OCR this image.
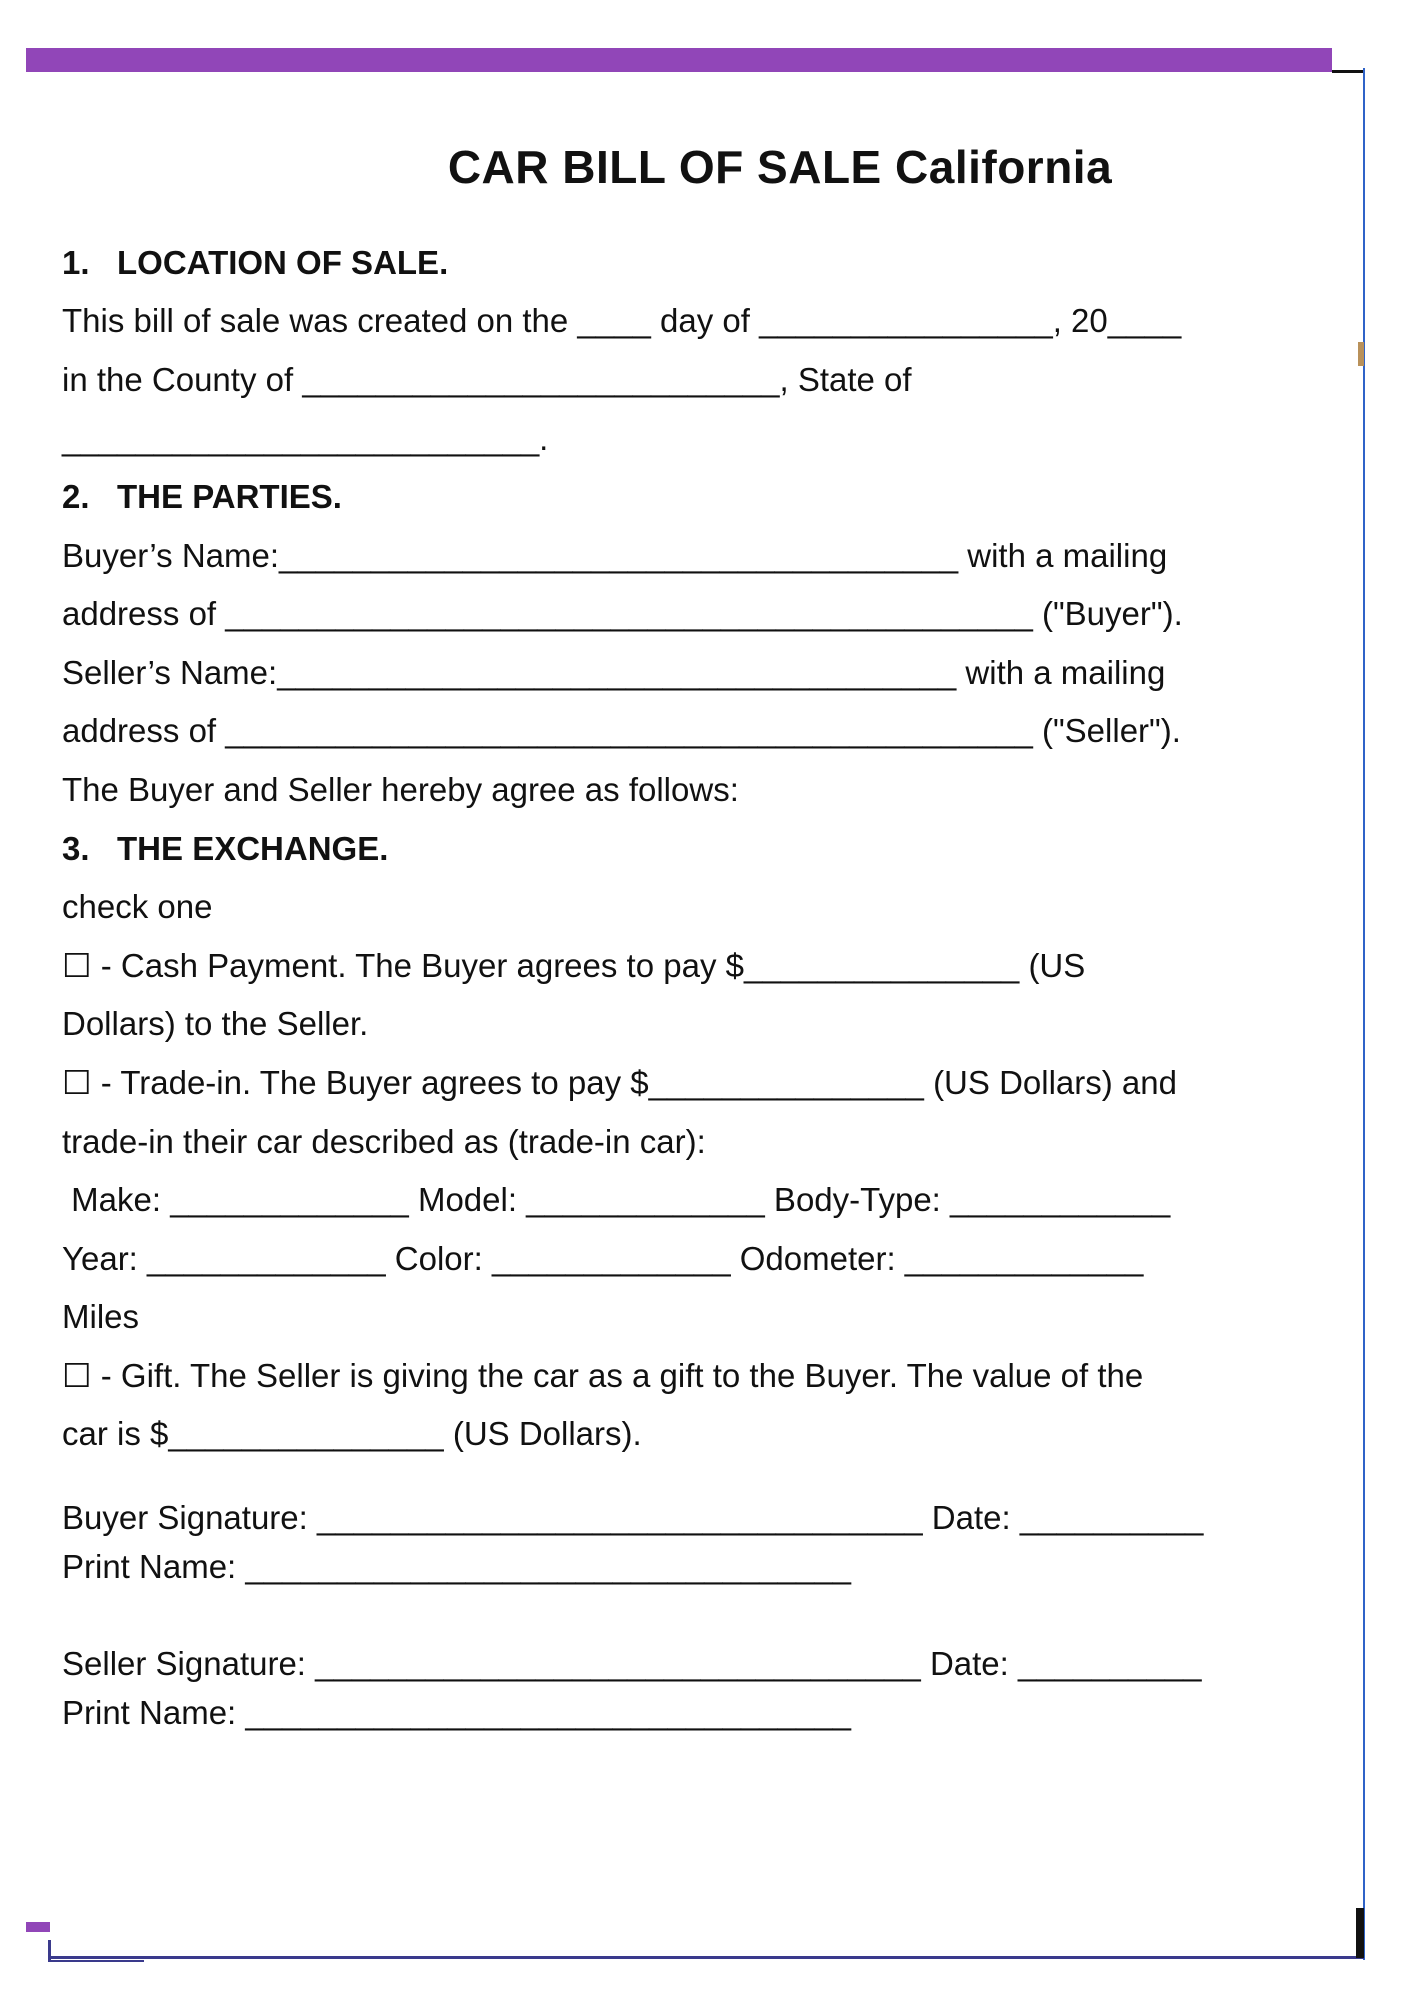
CAR BILL OF SALE California
1.   LOCATION OF SALE.
This bill of sale was created on the ____ day of ________________, 20____
in the County of __________________________, State of
__________________________.
2.   THE PARTIES.
Buyer’s Name:_____________________________________ with a mailing
address of ____________________________________________ ("Buyer").
Seller’s Name:_____________________________________ with a mailing
address of ____________________________________________ ("Seller").
The Buyer and Seller hereby agree as follows:
3.   THE EXCHANGE.
check one
☐ - Cash Payment. The Buyer agrees to pay $_______________ (US
Dollars) to the Seller.
☐ - Trade-in. The Buyer agrees to pay $_______________ (US Dollars) and
trade-in their car described as (trade-in car):
Make: _____________ Model: _____________ Body-Type: ____________
Year: _____________ Color: _____________ Odometer: _____________
Miles
☐ - Gift. The Seller is giving the car as a gift to the Buyer. The value of the
car is $_______________ (US Dollars).
Buyer Signature: _________________________________ Date: __________
Print Name: _________________________________
Seller Signature: _________________________________ Date: __________
Print Name: _________________________________
